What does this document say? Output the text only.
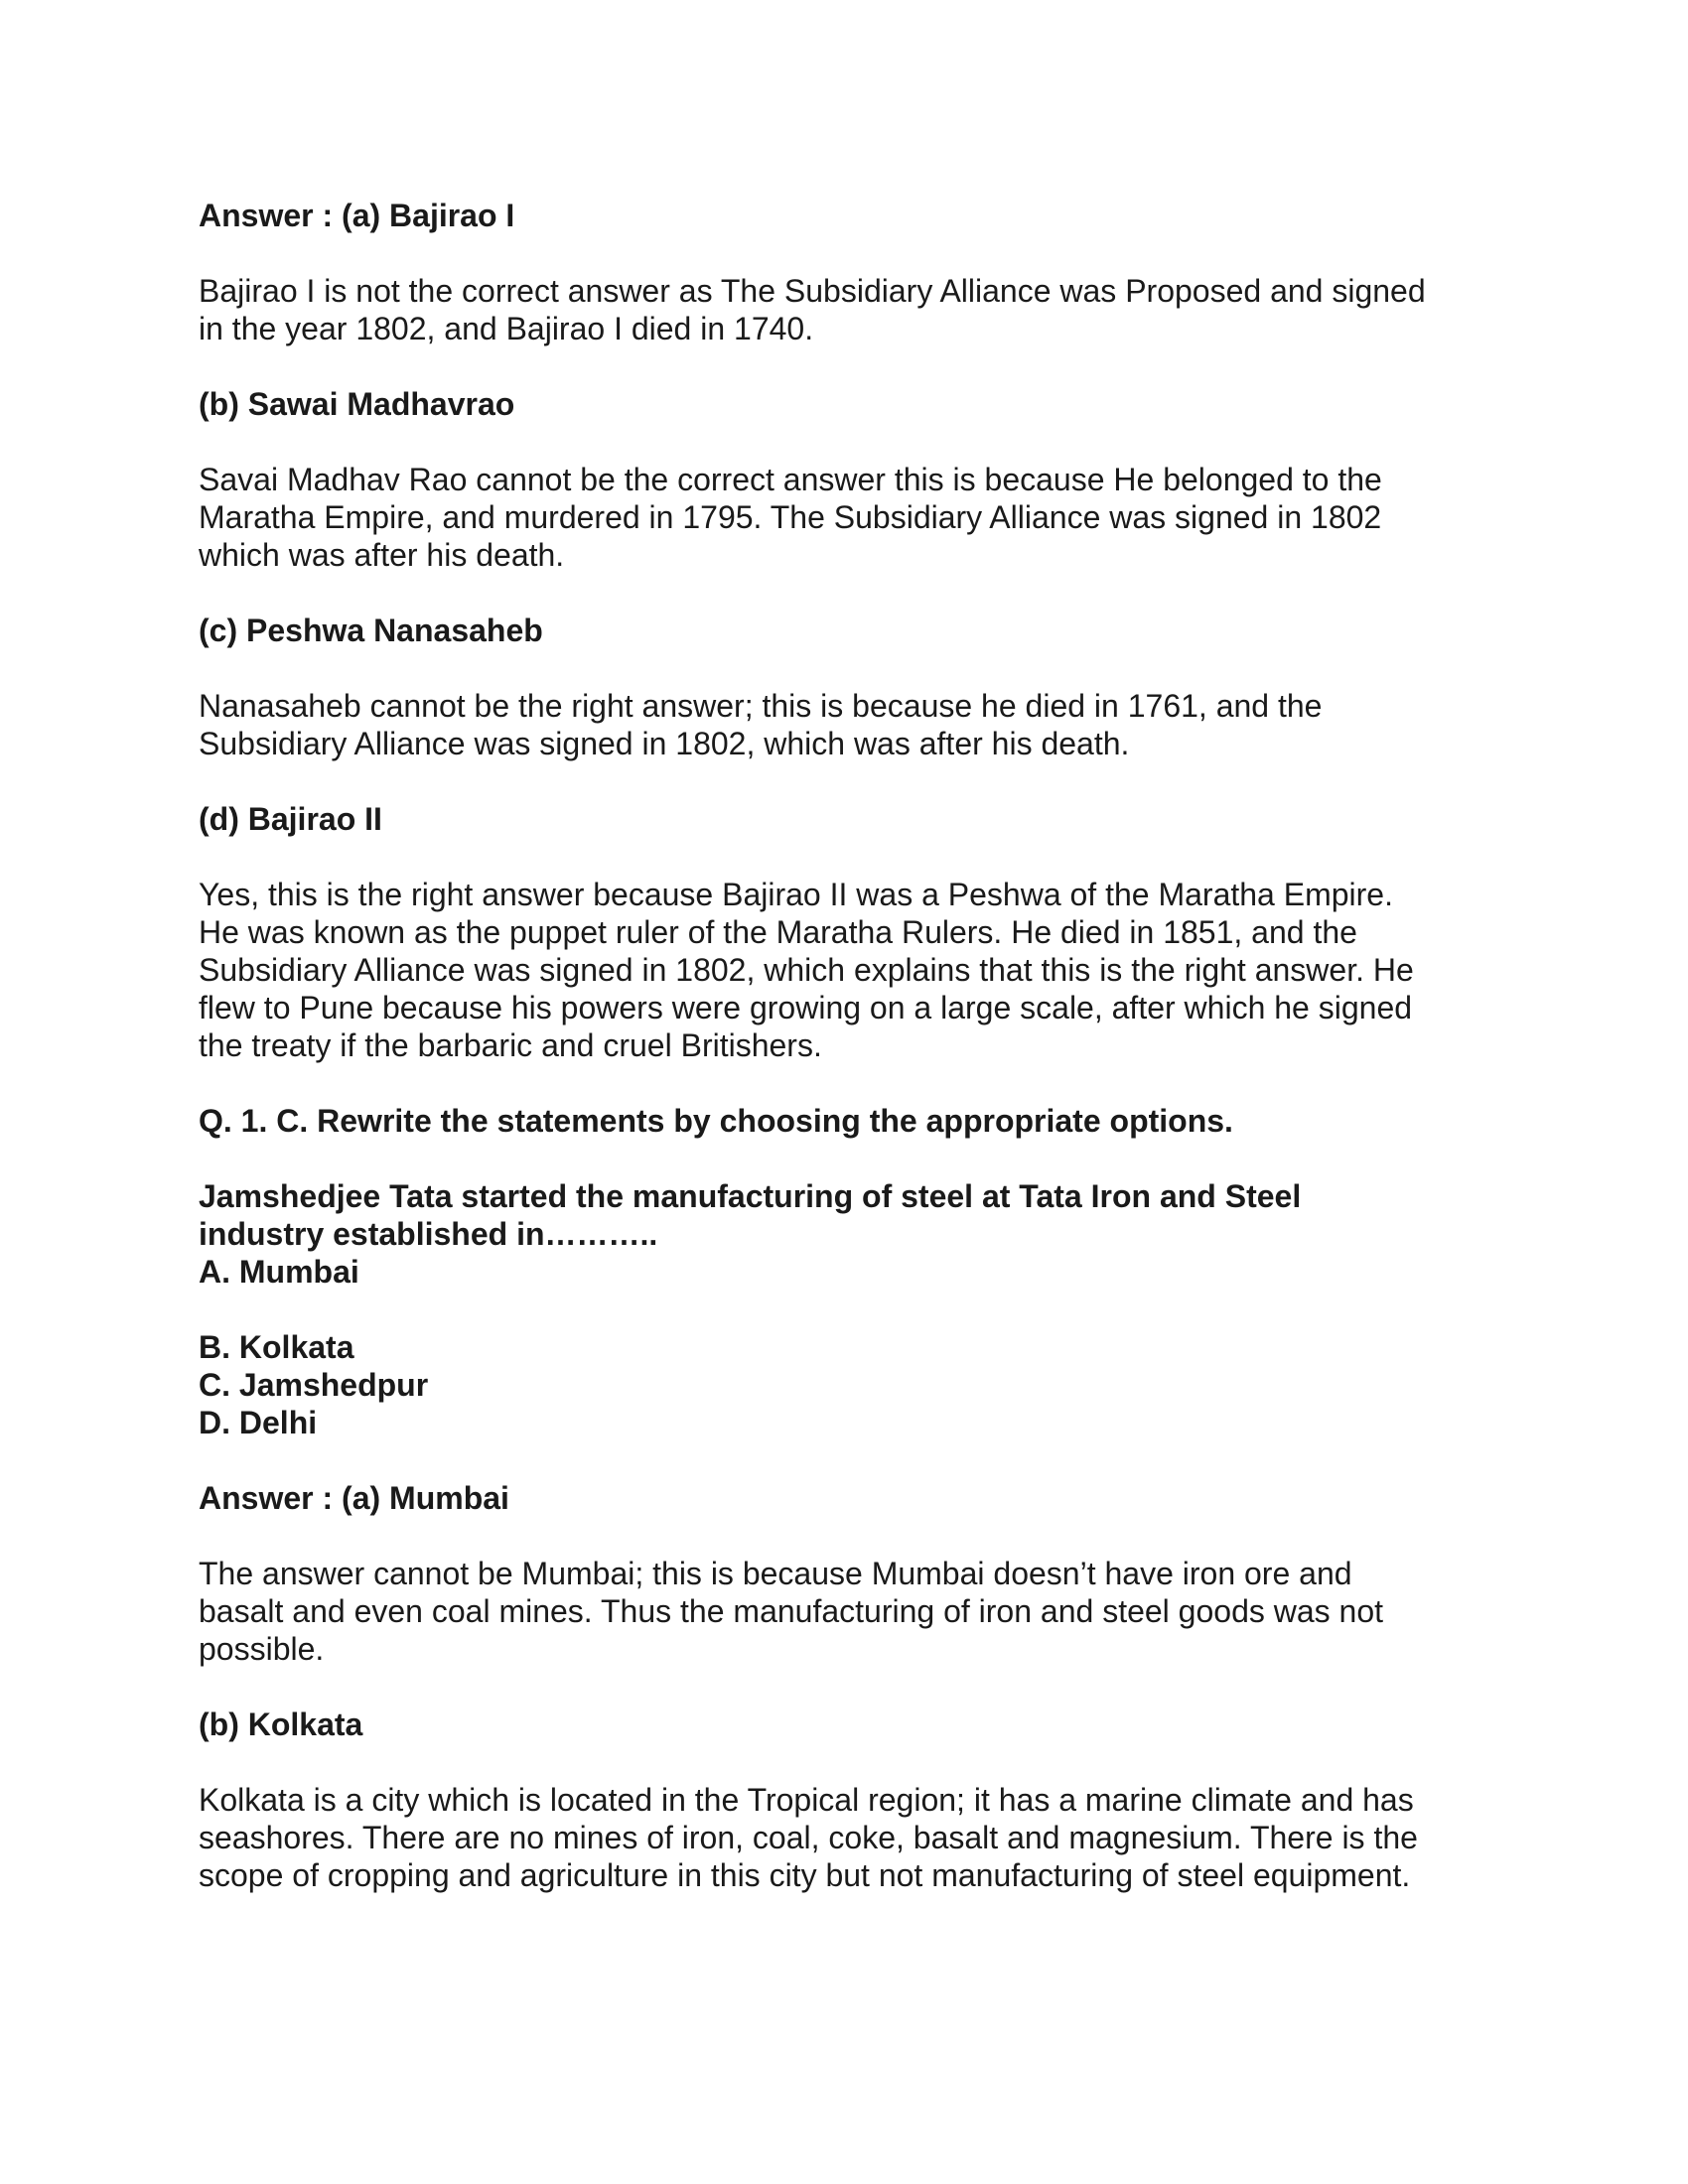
Answer : (a) Bajirao I

Bajirao I is not the correct answer as The Subsidiary Alliance was Proposed and signed

in the year 1802, and Bajirao I died in 1740.

(b) Sawai Madhavrao

Savai Madhav Rao cannot be the correct answer this is because He belonged to the

Maratha Empire, and murdered in 1795. The Subsidiary Alliance was signed in 1802

which was after his death.

(c) Peshwa Nanasaheb

Nanasaheb cannot be the right answer; this is because he died in 1761, and the

Subsidiary Alliance was signed in 1802, which was after his death.

(d) Bajirao II

Yes, this is the right answer because Bajirao II was a Peshwa of the Maratha Empire.

He was known as the puppet ruler of the Maratha Rulers. He died in 1851, and the

Subsidiary Alliance was signed in 1802, which explains that this is the right answer. He

flew to Pune because his powers were growing on a large scale, after which he signed

the treaty if the barbaric and cruel Britishers.

Q. 1. C. Rewrite the statements by choosing the appropriate options.

Jamshedjee Tata started the manufacturing of steel at Tata Iron and Steel

industry established in………..

A. Mumbai

B. Kolkata

C. Jamshedpur

D. Delhi

Answer : (a) Mumbai

The answer cannot be Mumbai; this is because Mumbai doesn’t have iron ore and

basalt and even coal mines. Thus the manufacturing of iron and steel goods was not

possible.

(b) Kolkata

Kolkata is a city which is located in the Tropical region; it has a marine climate and has

seashores. There are no mines of iron, coal, coke, basalt and magnesium. There is the

scope of cropping and agriculture in this city but not manufacturing of steel equipment.
